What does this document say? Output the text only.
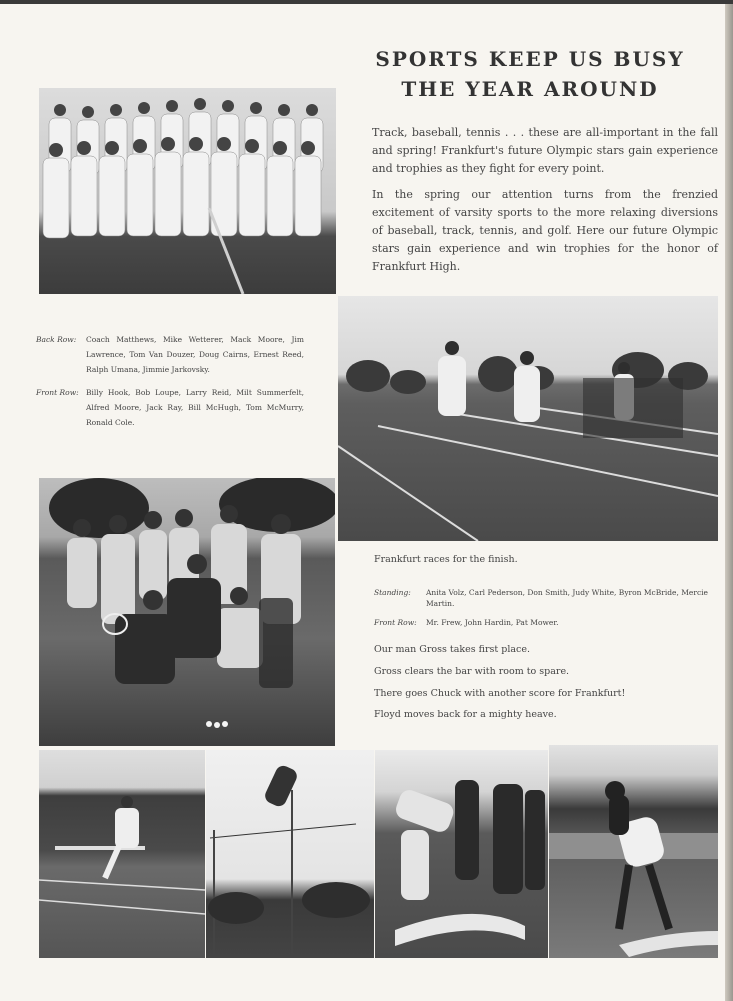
SPORTS KEEP US BUSY THE YEAR AROUND

Track, baseball, tennis . . . these are all-important in the fall and spring! Frankfurt's future Olympic stars gain experience and trophies as they fight for every point.

In the spring our attention turns from the frenzied excitement of varsity sports to the more relaxing diversions of baseball, track, tennis, and golf. Here our future Olympic stars gain experience and win trophies for the honor of Frankfurt High.

Back Row:	Coach Matthews, Mike Wetterer, Mack Moore, Jim Lawrence, Tom Van Douzer, Doug Cairns, Ernest Reed, Ralph Umana, Jimmie Jarkovsky.
Front Row: Billy Hook, Bob Loupe, Larry Reid, Milt Summerfelt, Alfred Moore, Jack Ray, Bill McHugh, Tom McMurry, Ronald Cole.
Frankfurt races for the finish.
Standing:	Anita Volz, Carl Pederson, Don Smith, Judy White, Byron McBride, Mercie Martin.
Front Row:	Mr. Frew, John Hardin, Pat Mower.
Our man Gross takes first place.
Gross clears the bar with room to spare.
There goes Chuck with another score for Frankfurt!
Floyd moves back for a mighty heave.
